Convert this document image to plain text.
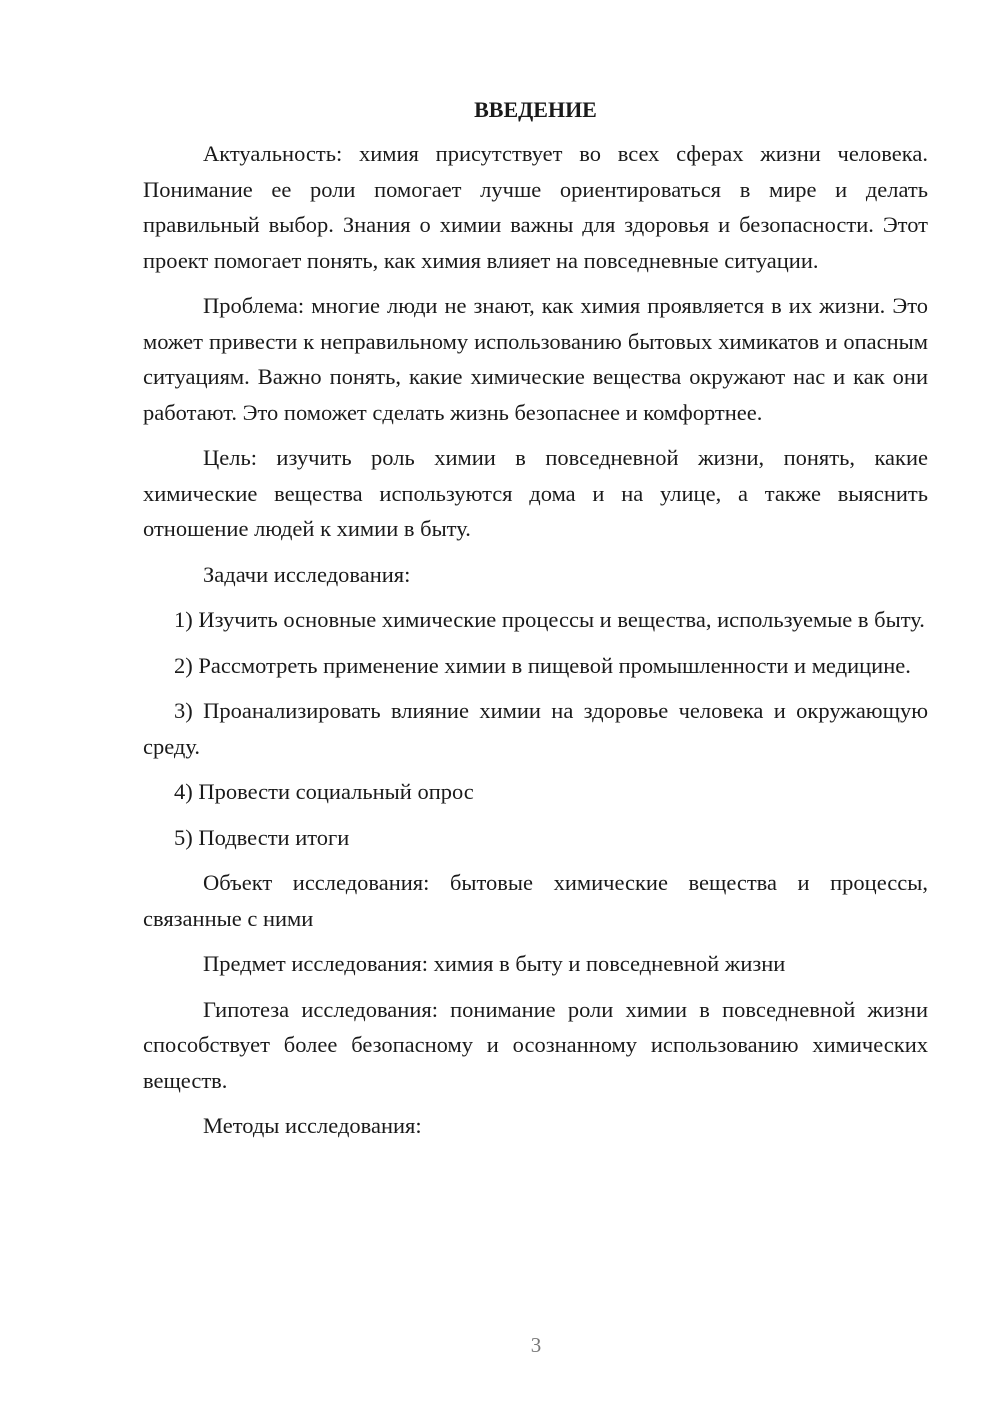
ВВЕДЕНИЕ

Актуальность: химия присутствует во всех сферах жизни человека. Понимание ее роли помогает лучше ориентироваться в мире и делать правильный выбор. Знания о химии важны для здоровья и безопасности. Этот проект помогает понять, как химия влияет на повседневные ситуации.

Проблема: многие люди не знают, как химия проявляется в их жизни. Это может привести к неправильному использованию бытовых химикатов и опасным ситуациям. Важно понять, какие химические вещества окружают нас и как они работают. Это поможет сделать жизнь безопаснее и комфортнее.

Цель: изучить роль химии в повседневной жизни, понять, какие химические вещества используются дома и на улице, а также выяснить отношение людей к химии в быту.

Задачи исследования:

1) Изучить основные химические процессы и вещества, используемые в быту.

2) Рассмотреть применение химии в пищевой промышленности и медицине.

3) Проанализировать влияние химии на здоровье человека и окружающую среду.

4) Провести социальный опрос

5) Подвести итоги

Объект исследования: бытовые химические вещества и процессы, связанные с ними

Предмет исследования: химия в быту и повседневной жизни

Гипотеза исследования: понимание роли химии в повседневной жизни способствует более безопасному и осознанному использованию химических веществ.

Методы исследования:

3
